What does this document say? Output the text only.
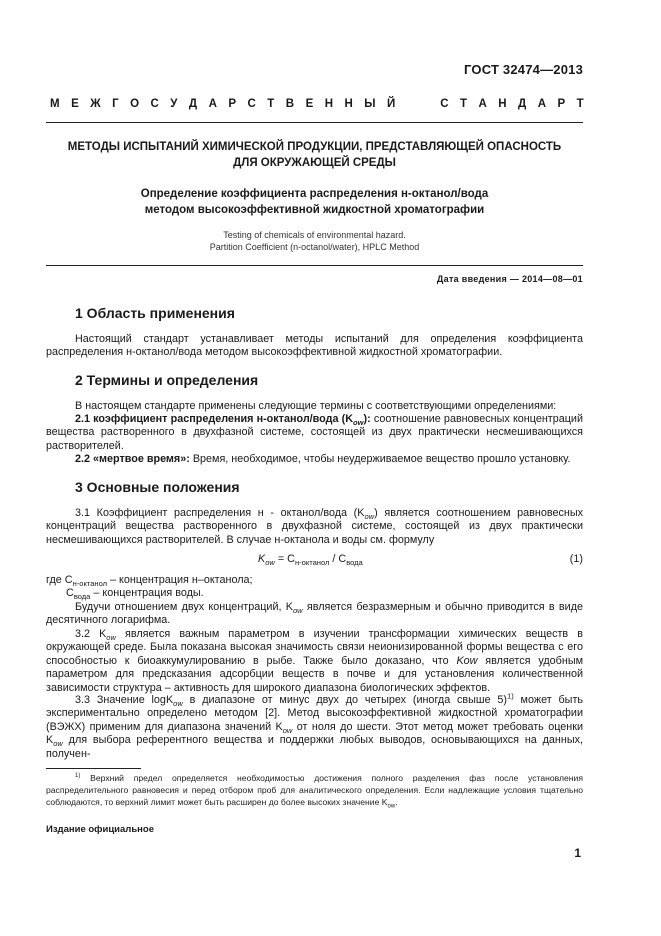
ГОСТ 32474—2013
М Е Ж Г О С У Д А Р С Т В Е Н Н Ы Й	С Т А Н Д А Р Т
МЕТОДЫ ИСПЫТАНИЙ ХИМИЧЕСКОЙ ПРОДУКЦИИ, ПРЕДСТАВЛЯЮЩЕЙ ОПАСНОСТЬ
ДЛЯ ОКРУЖАЮЩЕЙ СРЕДЫ
Определение коэффициента распределения н-октанол/вода
методом высокоэффективной жидкостной хроматографии
Testing of chemicals of environmental hazard.
Partition Coefficient (n-octanol/water), HPLC Method
Дата введения — 2014—08—01
1 Область применения

Настоящий стандарт устанавливает методы испытаний для определения коэффициента распределения н-октанол/вода методом высокоэффективной жидкостной хроматографии.

2 Термины и определения

В настоящем стандарте применены следующие термины с соответствующими определениями:

2.1 коэффициент распределения н-октанол/вода $(K_{ow})$: соотношение равновесных концентраций вещества растворенного в двухфазной системе, состоящей из двух практически несмешивающихся растворителей.

2.2 «мертвое время»: Время, необходимое, чтобы неудерживаемое вещество прошло установку.

3 Основные положения

3.1 Коэффициент распределения н - октанол/вода $(K_{ow})$ является соотношением равновесных концентраций вещества растворенного в двухфазной системе, состоящей из двух практически несмешивающихся растворителей. В случае н-октанола и воды см. формулу

$K_{ow} = C_{н-октанол} / C_{вода}$	(1)

где $C_{н-октанол}$ – концентрация н–октанола;

$C_{вода}$ – концентрация воды.

Будучи отношением двух концентраций, $K_{ow}$ является безразмерным и обычно приводится в виде десятичного логарифма.

3.2 $K_{ow}$ является важным параметром в изучении трансформации химических веществ в окружающей среде. Была показана высокая значимость связи неионизированной формы вещества с его способностью к биоаккумулированию в рыбе. Также было доказано, что Kow является удобным параметром для предсказания адсорбции веществ в почве и для установления количественной зависимости структура – активность для широкого диапазона биологических эффектов.

3.3 Значение logK$_{ow}$ в диапазоне от минус двух до четырех (иногда свыше 5)$^{1)}$ может быть экспериментально определено методом [2]. Метод высокоэффективной жидкостной хроматографии (ВЭЖХ) применим для диапазона значений $K_{ow}$ от ноля до шести. Этот метод может требовать оценки $K_{ow}$ для выбора референтного вещества и поддержки любых выводов, основывающихся на данных, получен-

$^{1)}$ Верхний предел определяется необходимостью достижения полного разделения фаз после установления распределительного равновесия и перед отбором проб для аналитического определения. Если надлежащие условия тщательно соблюдаются, то верхний лимит может быть расширен до более высоких значение $K_{ow}$.

Издание официальное
1
